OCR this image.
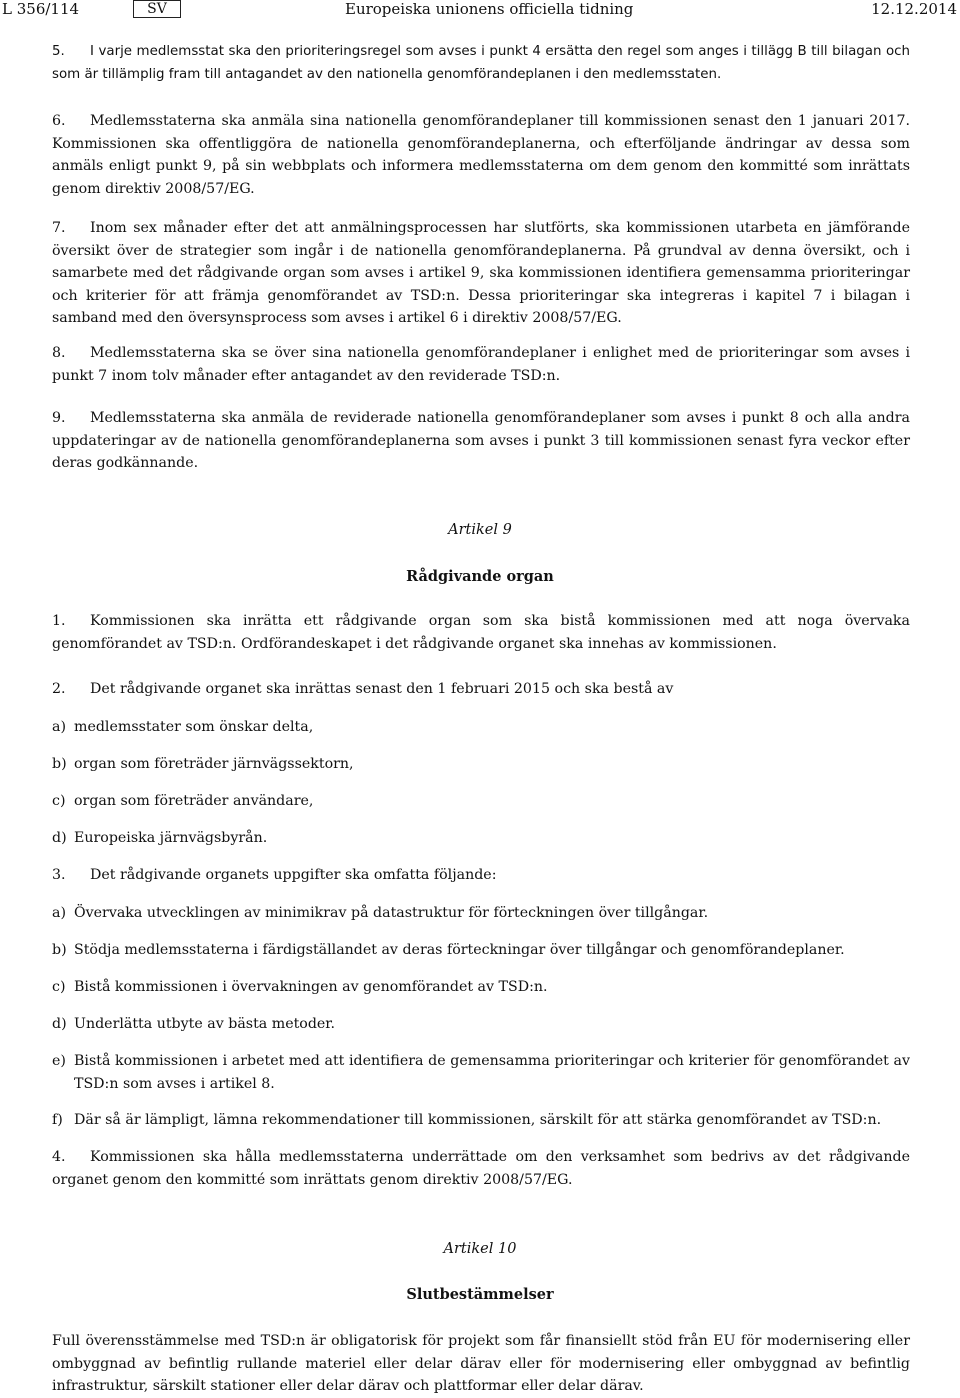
L 356/114	SV	Europeiska unionens officiella tidning	12.12.2014

5. I varje medlemsstat ska den prioriteringsregel som avses i punkt 4 ersätta den regel som anges i tillägg B till bilagan och som är tillämplig fram till antagandet av den nationella genomförandeplanen i den medlemsstaten.

6. Medlemsstaterna ska anmäla sina nationella genomförandeplaner till kommissionen senast den 1 januari 2017. Kommissionen ska offentliggöra de nationella genomförandeplanerna, och efterföljande ändringar av dessa som anmäls enligt punkt 9, på sin webbplats och informera medlemsstaterna om dem genom den kommitté som inrättats genom direktiv 2008/57/EG.

7. Inom sex månader efter det att anmälningsprocessen har slutförts, ska kommissionen utarbeta en jämförande översikt över de strategier som ingår i de nationella genomförandeplanerna. På grundval av denna översikt, och i samarbete med det rådgivande organ som avses i artikel 9, ska kommissionen identifiera gemensamma prioriteringar och kriterier för att främja genomförandet av TSD:n. Dessa prioriteringar ska integreras i kapitel 7 i bilagan i samband med den översynsprocess som avses i artikel 6 i direktiv 2008/57/EG.

8. Medlemsstaterna ska se över sina nationella genomförandeplaner i enlighet med de prioriteringar som avses i punkt 7 inom tolv månader efter antagandet av den reviderade TSD:n.

9. Medlemsstaterna ska anmäla de reviderade nationella genomförandeplaner som avses i punkt 8 och alla andra uppdateringar av de nationella genomförandeplanerna som avses i punkt 3 till kommissionen senast fyra veckor efter deras godkännande.

Artikel 9

Rådgivande organ

1. Kommissionen ska inrätta ett rådgivande organ som ska bistå kommissionen med att noga övervaka genomförandet av TSD:n. Ordförandeskapet i det rådgivande organet ska innehas av kommissionen.

2. Det rådgivande organet ska inrättas senast den 1 februari 2015 och ska bestå av

a) medlemsstater som önskar delta,

b) organ som företräder järnvägssektorn,

c) organ som företräder användare,

d) Europeiska järnvägsbyrån.

3. Det rådgivande organets uppgifter ska omfatta följande:

a) Övervaka utvecklingen av minimikrav på datastruktur för förteckningen över tillgångar.

b) Stödja medlemsstaterna i färdigställandet av deras förteckningar över tillgångar och genomförandeplaner.

c) Bistå kommissionen i övervakningen av genomförandet av TSD:n.

d) Underlätta utbyte av bästa metoder.

e) Bistå kommissionen i arbetet med att identifiera de gemensamma prioriteringar och kriterier för genomförandet av TSD:n som avses i artikel 8.

f) Där så är lämpligt, lämna rekommendationer till kommissionen, särskilt för att stärka genomförandet av TSD:n.

4. Kommissionen ska hålla medlemsstaterna underrättade om den verksamhet som bedrivs av det rådgivande organet genom den kommitté som inrättats genom direktiv 2008/57/EG.

Artikel 10

Slutbestämmelser

Full överensstämmelse med TSD:n är obligatorisk för projekt som får finansiellt stöd från EU för modernisering eller ombyggnad av befintlig rullande materiel eller delar därav eller för modernisering eller ombyggnad av befintlig infrastruktur, särskilt stationer eller delar därav och plattformar eller delar därav.
